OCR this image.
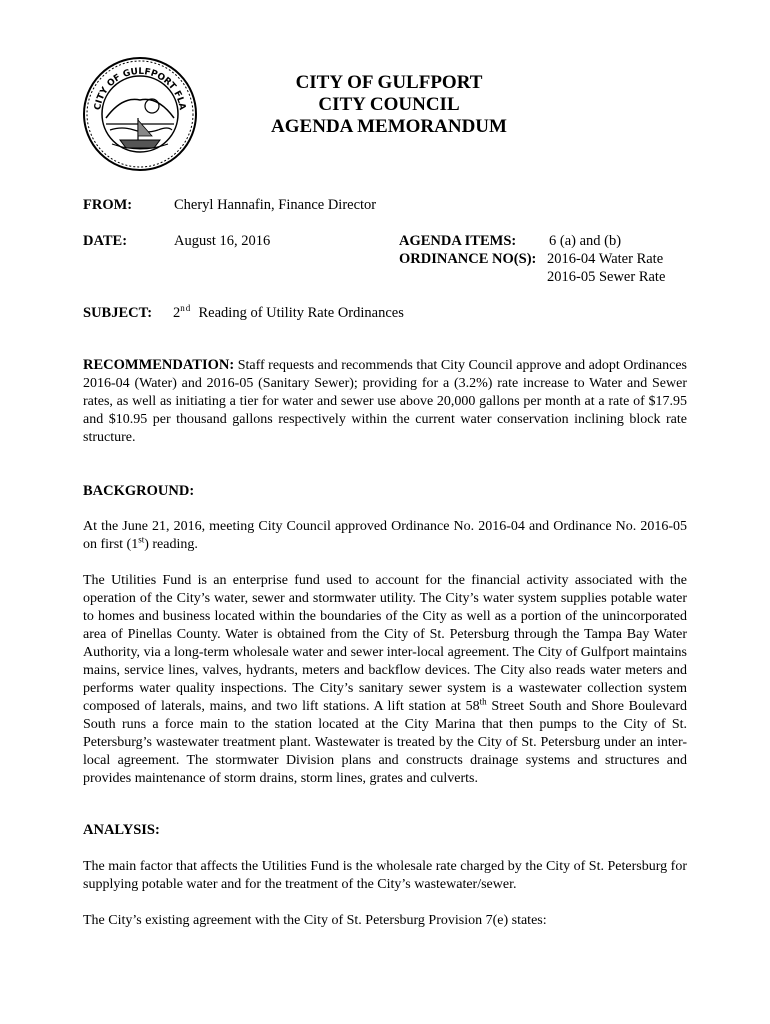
CITY OF GULFPORT FLA
CITY OF GULFPORT
CITY COUNCIL
AGENDA MEMORANDUM
FROM:	Cheryl Hannafin, Finance Director
DATE:	August 16, 2016	AGENDA ITEMS: 6 (a) and (b)
ORDINANCE NO(S): 2016-04 Water Rate
2016-05 Sewer Rate
SUBJECT: 2nd Reading of Utility Rate Ordinances
RECOMMENDATION: Staff requests and recommends that City Council approve and adopt Ordinances 2016-04 (Water) and 2016-05 (Sanitary Sewer); providing for a (3.2%) rate increase to Water and Sewer rates, as well as initiating a tier for water and sewer use above 20,000 gallons per month at a rate of $17.95 and $10.95 per thousand gallons respectively within the current water conservation inclining block rate structure.
BACKGROUND:
At the June 21, 2016, meeting City Council approved Ordinance No. 2016-04 and Ordinance No. 2016-05 on first (1st) reading.
The Utilities Fund is an enterprise fund used to account for the financial activity associated with the operation of the City’s water, sewer and stormwater utility. The City’s water system supplies potable water to homes and business located within the boundaries of the City as well as a portion of the unincorporated area of Pinellas County. Water is obtained from the City of St. Petersburg through the Tampa Bay Water Authority, via a long-term wholesale water and sewer inter-local agreement. The City of Gulfport maintains mains, service lines, valves, hydrants, meters and backflow devices. The City also reads water meters and performs water quality inspections. The City’s sanitary sewer system is a wastewater collection system composed of laterals, mains, and two lift stations. A lift station at 58th Street South and Shore Boulevard South runs a force main to the station located at the City Marina that then pumps to the City of St. Petersburg’s wastewater treatment plant. Wastewater is treated by the City of St. Petersburg under an inter-local agreement. The stormwater Division plans and constructs drainage systems and structures and provides maintenance of storm drains, storm lines, grates and culverts.
ANALYSIS:
The main factor that affects the Utilities Fund is the wholesale rate charged by the City of St. Petersburg for supplying potable water and for the treatment of the City’s wastewater/sewer.
The City’s existing agreement with the City of St. Petersburg Provision 7(e) states:
